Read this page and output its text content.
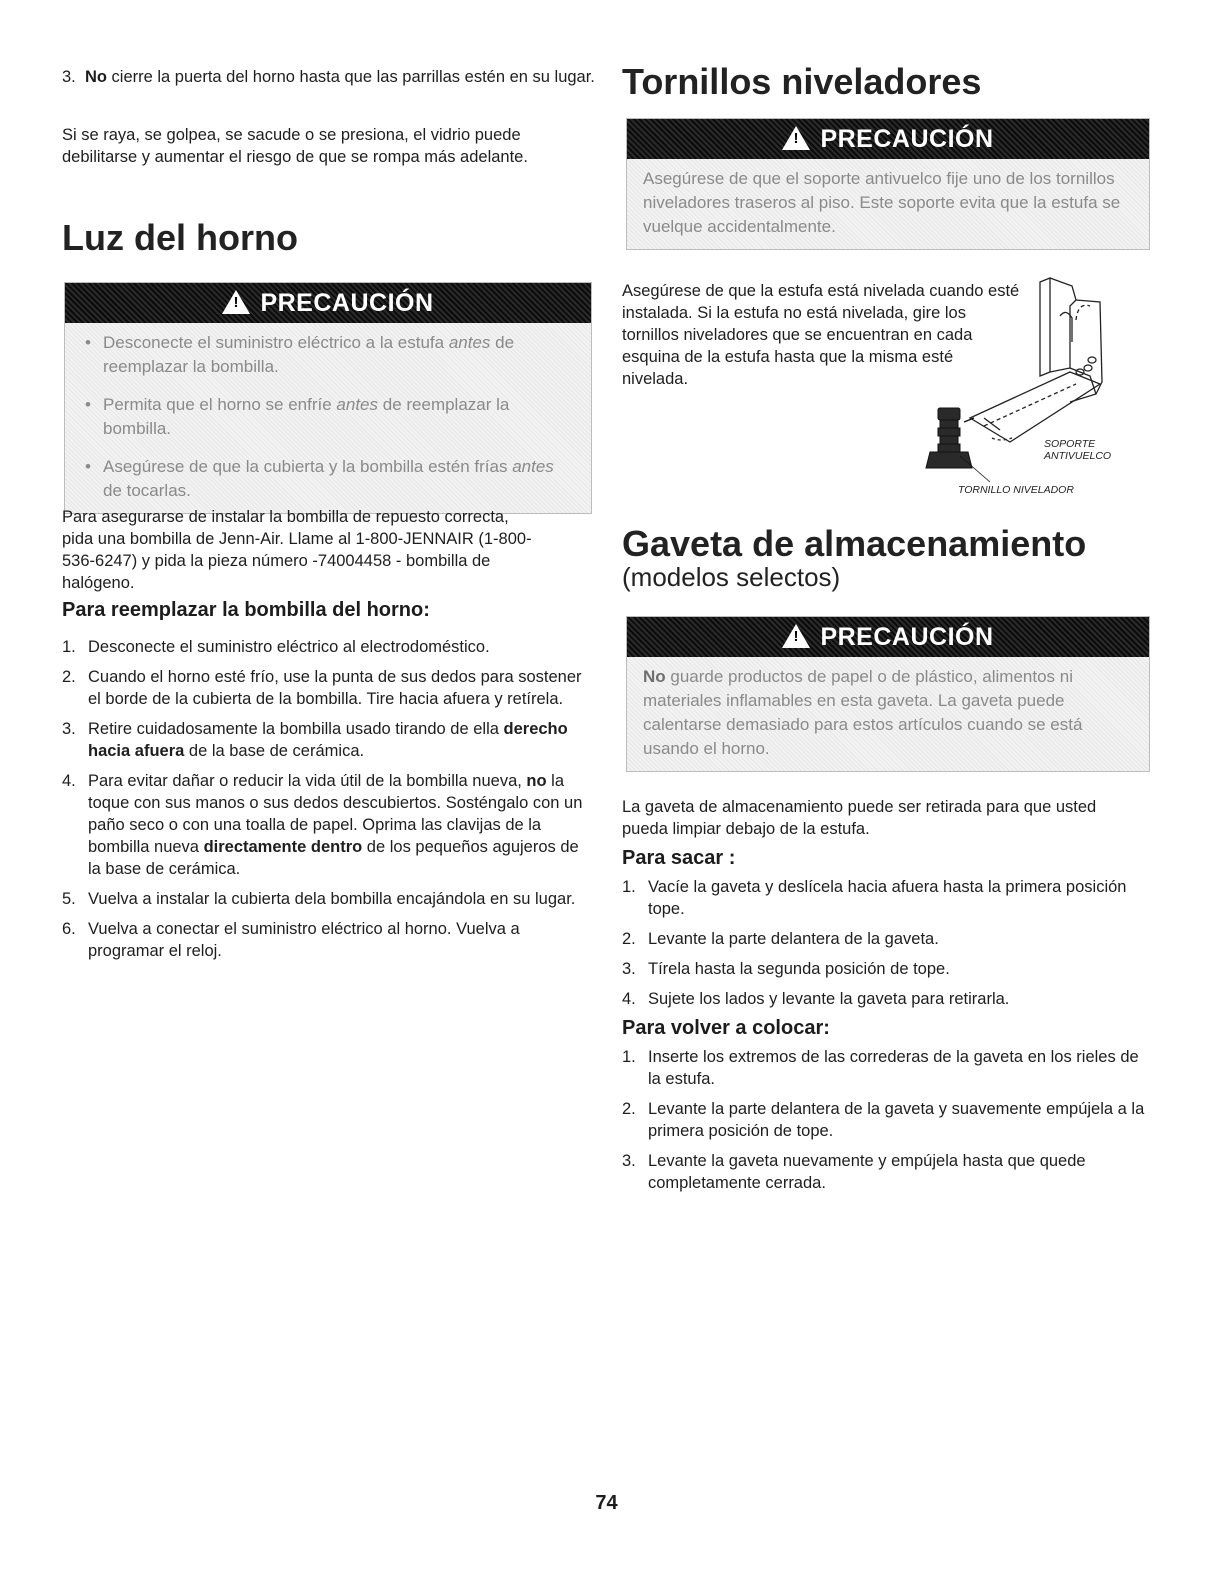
3. No cierre la puerta del horno hasta que las parrillas estén en su lugar.

Si se raya, se golpea, se sacude o se presiona, el vidrio puede debilitarse y aumentar el riesgo de que se rompa más adelante.

Luz del horno
!PRECAUCIÓN
• Desconecte el suministro eléctrico a la estufa antes de reemplazar la bombilla.
• Permita que el horno se enfríe antes de reemplazar la bombilla.
• Asegúrese de que la cubierta y la bombilla estén frías antes de tocarlas.

Para asegurarse de instalar la bombilla de repuesto correcta, pida una bombilla de Jenn-Air. Llame al 1-800-JENNAIR (1-800-536-6247) y pida la pieza número -74004458 - bombilla de halógeno.

Para reemplazar la bombilla del horno:
1. Desconecte el suministro eléctrico al electrodoméstico.
2. Cuando el horno esté frío, use la punta de sus dedos para sostener el borde de la cubierta de la bombilla. Tire hacia afuera y retírela.
3. Retire cuidadosamente la bombilla usado tirando de ella derecho hacia afuera de la base de cerámica.
4. Para evitar dañar o reducir la vida útil de la bombilla nueva, no la toque con sus manos o sus dedos descubiertos. Sosténgalo con un paño seco o con una toalla de papel. Oprima las clavijas de la bombilla nueva directamente dentro de los pequeños agujeros de la base de cerámica.
5. Vuelva a instalar la cubierta dela bombilla encajándola en su lugar.
6. Vuelva a conectar el suministro eléctrico al horno. Vuelva a programar el reloj.
Tornillos niveladores
!PRECAUCIÓN
Asegúrese de que el soporte antivuelco fije uno de los tornillos niveladores traseros al piso. Este soporte evita que la estufa se vuelque accidentalmente.

Asegúrese de que la estufa está nivelada cuando esté instalada. Si la estufa no está nivelada, gire los tornillos niveladores que se encuentran en cada esquina de la estufa hasta que la misma esté nivelada.

SOPORTE
ANTIVUELCO
TORNILLO NIVELADOR
Gaveta de almacenamiento

(modelos selectos)

!PRECAUCIÓN
No guarde productos de papel o de plástico, alimentos ni materiales inflamables en esta gaveta. La gaveta puede calentarse demasiado para estos artículos cuando se está usando el horno.

La gaveta de almacenamiento puede ser retirada para que usted pueda limpiar debajo de la estufa.

Para sacar :
1. Vacíe la gaveta y deslícela hacia afuera hasta la primera posición tope.
2. Levante la parte delantera de la gaveta.
3. Tírela hasta la segunda posición de tope.
4. Sujete los lados y levante la gaveta para retirarla.
Para volver a colocar:
1. Inserte los extremos de las correderas de la gaveta en los rieles de la estufa.
2. Levante la parte delantera de la gaveta y suavemente empújela a la primera posición de tope.
3. Levante la gaveta nuevamente y empújela hasta que quede completamente cerrada.
74
